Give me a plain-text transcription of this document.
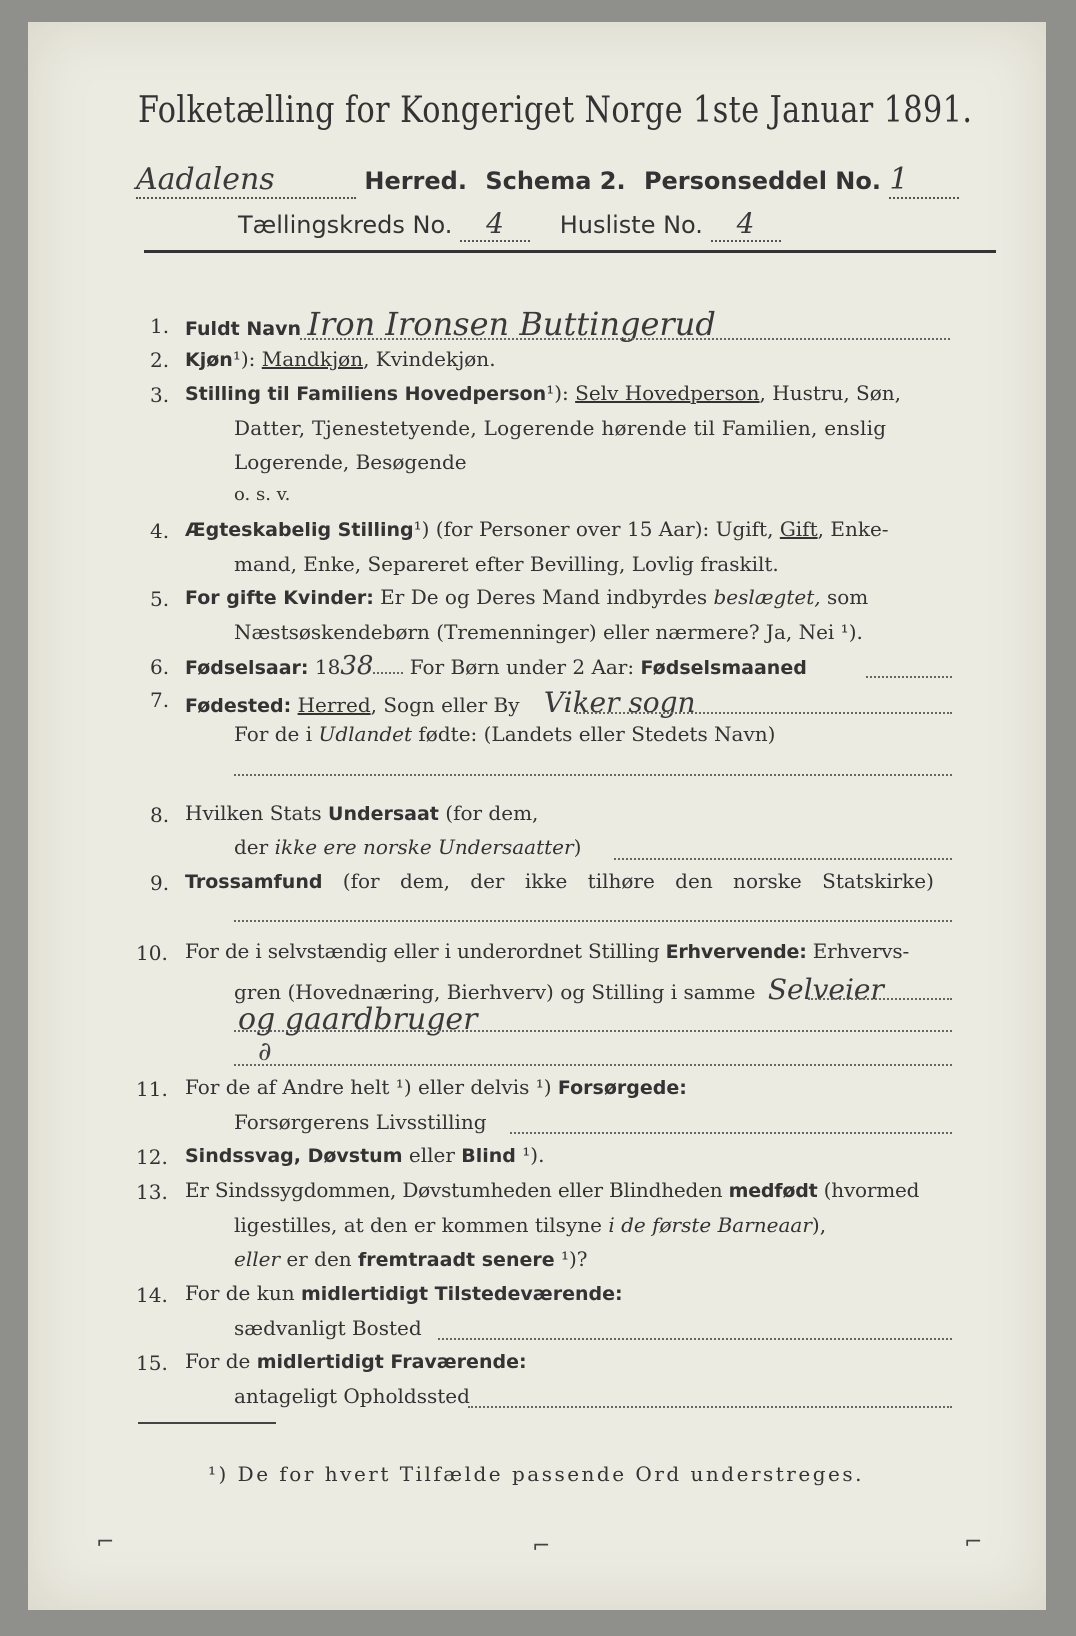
Folketælling for Kongeriget Norge 1ste Januar 1891.
Aadalens	Herred. Schema 2. Personseddel No. 1
Tællingskreds No. 4 Husliste No. 4
1. Fuldt Navn Iron Ironsen Buttingerud
2. Kjøn¹): Mandkjøn, Kvindekjøn.
3. Stilling til Familiens Hovedperson¹): Selv Hovedperson, Hustru, Søn,
Datter, Tjenestetyende, Logerende hørende til Familien, enslig
Logerende, Besøgende
o. s. v.
4. Ægteskabelig Stilling¹) (for Personer over 15 Aar): Ugift, Gift, Enke-
mand, Enke, Separeret efter Bevilling, Lovlig fraskilt.
5. For gifte Kvinder: Er De og Deres Mand indbyrdes beslægtet, som
Næstsøskendebørn (Tremenninger) eller nærmere? Ja, Nei ¹).
6. Fødselsaar: 1838 For Børn under 2 Aar: Fødselsmaaned
7. Fødested: Herred, Sogn eller By Viker sogn
For de i Udlandet fødte: (Landets eller Stedets Navn)
8. Hvilken Stats Undersaat (for dem,
der ikke ere norske Undersaatter)
9. Trossamfund (for dem, der ikke tilhøre den norske Statskirke)
10. For de i selvstændig eller i underordnet Stilling Erhvervende: Erhvervs-
gren (Hovednæring, Bierhverv) og Stilling i samme Selveier
og gaardbruger
∂
11. For de af Andre helt ¹) eller delvis ¹) Forsørgede:
Forsørgerens Livsstilling
12. Sindssvag, Døvstum eller Blind ¹).
13. Er Sindssygdommen, Døvstumheden eller Blindheden medfødt (hvormed
ligestilles, at den er kommen tilsyne i de første Barneaar),
eller er den fremtraadt senere ¹)?
14. For de kun midlertidigt Tilstedeværende:
sædvanligt Bosted
15. For de midlertidigt Fraværende:
antageligt Opholdssted
¹) De for hvert Tilfælde passende Ord understreges.
⌐	⌐	⌐
